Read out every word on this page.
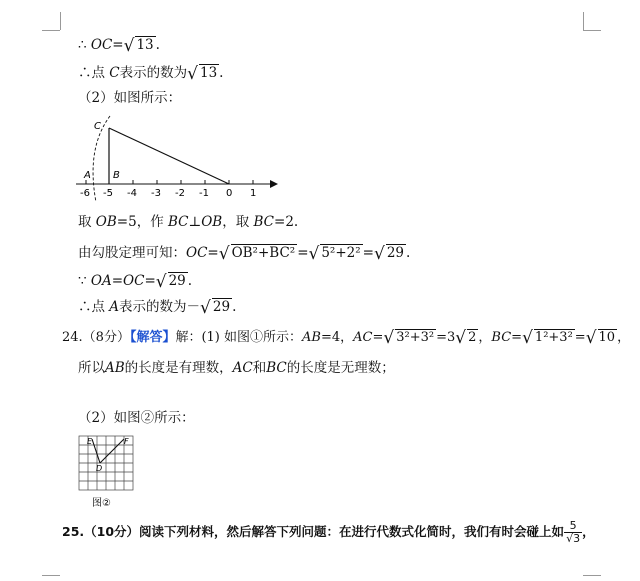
∴ OC=√ 13 .
∴点 C表示的数为√ 13 .
（2）如图所示：
-6 -5 -4 -3 -2 -1 0 1
C
A B
取 OB=5，作 BC⊥OB，取 BC=2.
由勾股定理可知：OC=√ OB²+BC² =√ 5²+2² =√ 29 .
∵ OA=OC=√ 29 .
∴点 A表示的数为－√ 29 .
24.（8分）【解答】解：(1) 如图①所示：AB=4，AC=√ 3²+3² =3√ 2 ，BC=√ 1²+3² =√ 10 ，
所以AB的长度是有理数，AC和BC的长度是无理数；
（2）如图②所示：
E	F
D
图②
25.（10分）阅读下列材料，然后解答下列问题：在进行代数式化简时，我们有时会碰上如 $\frac{5}{√3}$ ，
